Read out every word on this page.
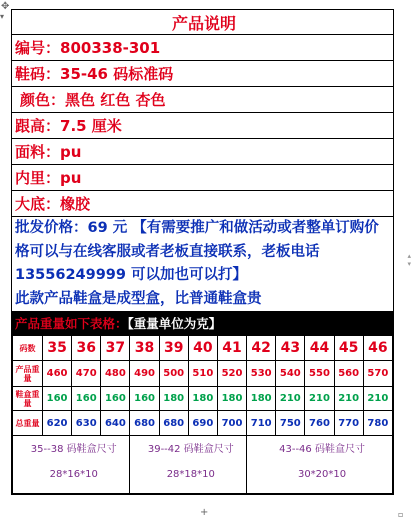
✥
▾
▴
▾
+	▫
产品说明
编号：800338-301
鞋码：35-46 码标准码
颜色：黑色 红色 杏色
跟高：7.5 厘米
面料：pu
内里：pu
大底：橡胶
批发价格：69 元 【有需要推广和做活动或者整单订购价格可以与在线客服或者老板直接联系，老板电话 13556249999 可以加也可以打】
此款产品鞋盒是成型盒，比普通鞋盒贵
产品重量如下表格：【重量单位为克】

码数	35	36	37	38	39	40	41	42	43	44	45	46
产品重量	460	470	480	490	500	510	520	530	540	550	560	570
鞋盒重量	160	160	160	160	180	180	180	180	210	210	210	210
总重量	620	630	640	680	680	690	700	710	750	760	770	780

35--38 码鞋盒尺寸
28*16*10

39--42 码鞋盒尺寸
28*18*10

43--46 码鞋盒尺寸
30*20*10
